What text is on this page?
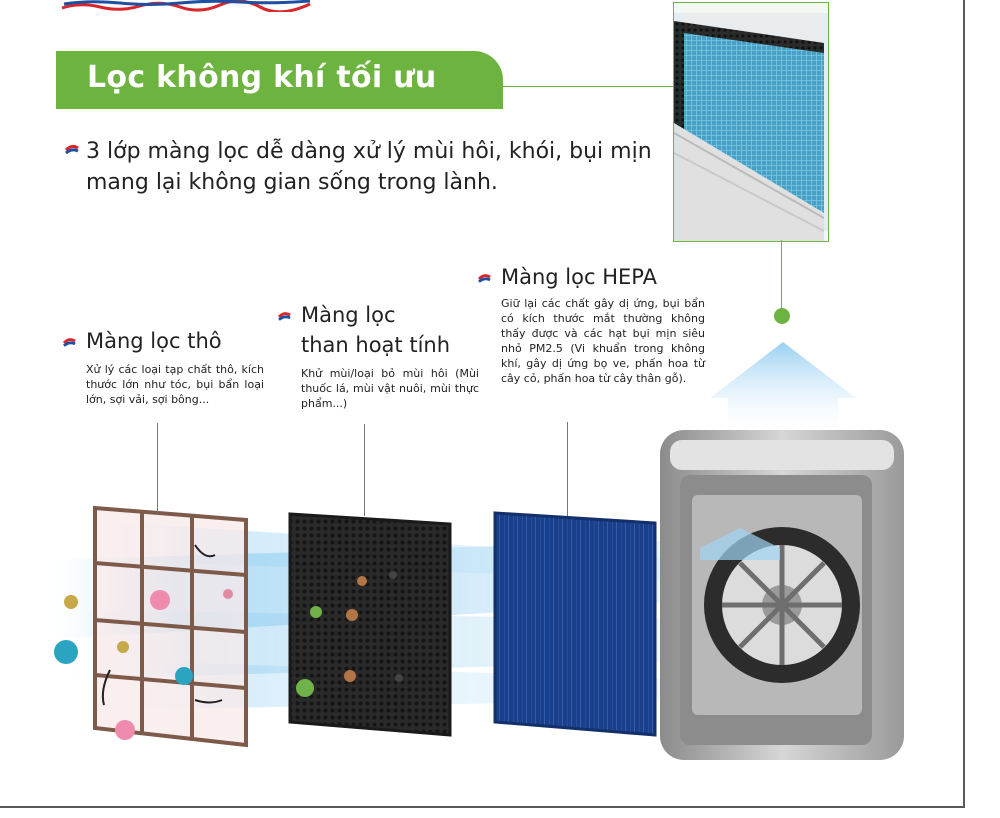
Lọc không khí tối ưu
3 lớp màng lọc dễ dàng xử lý mùi hôi, khói, bụi mịn
mang lại không gian sống trong lành.
Màng lọc thô
Xử lý các loại tạp chất thô, kích thước lớn như tóc, bụi bẩn loại lớn, sợi vải, sợi bông...
Màng lọc
than hoạt tính
Khử mùi/loại bỏ mùi hôi (Mùi thuốc lá, mùi vật nuôi, mùi thực phẩm...)
Màng lọc HEPA
Giữ lại các chất gây dị ứng, bụi bẩn có kích thước mắt thường không thấy được và các hạt bụi mịn siêu nhỏ PM2.5 (Vi khuẩn trong không khí, gây dị ứng bọ ve, phấn hoa từ cây cỏ, phấn hoa từ cây thân gỗ).
